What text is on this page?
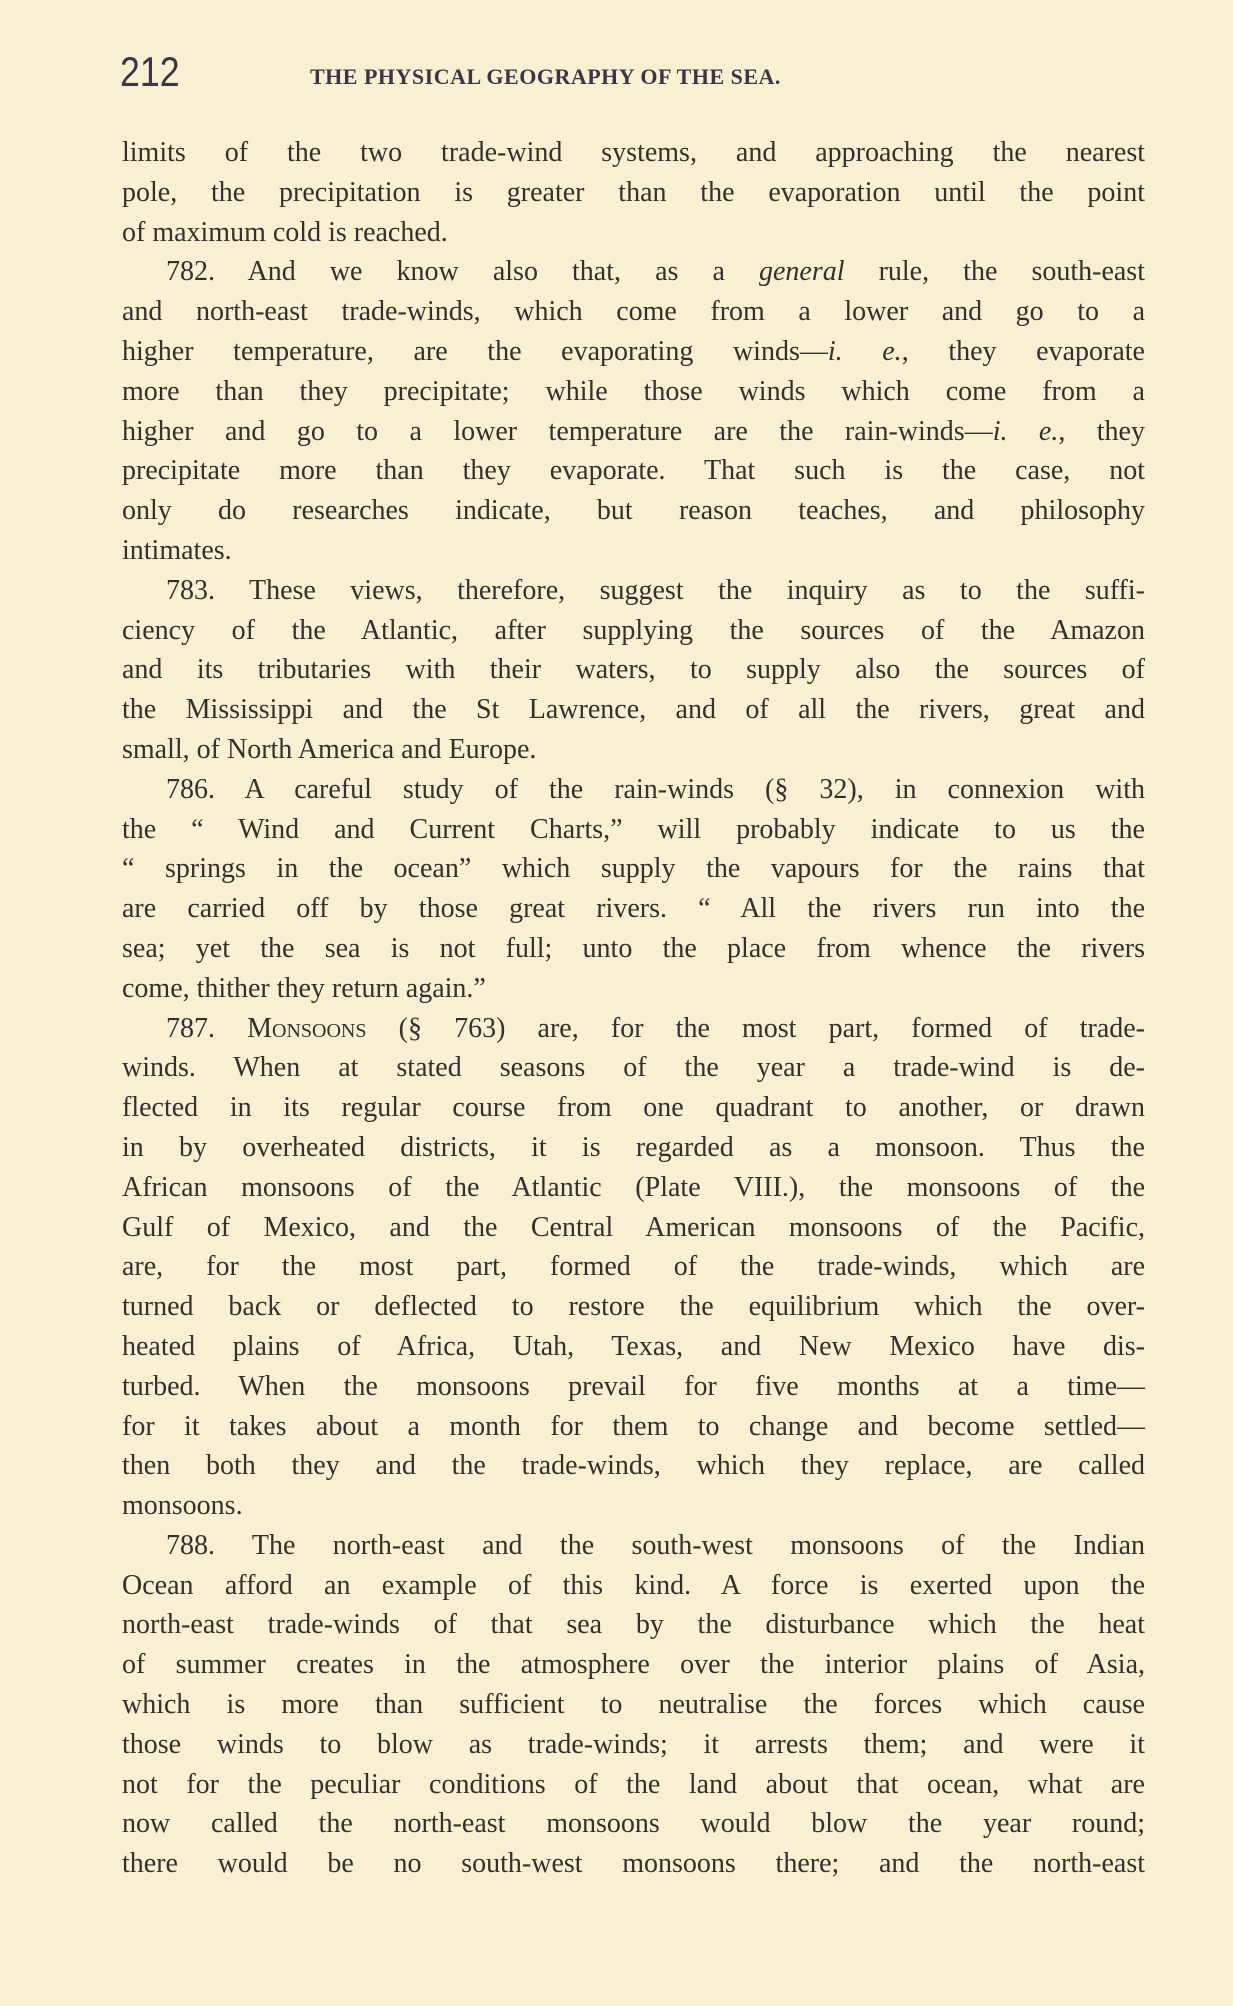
212	THE PHYSICAL GEOGRAPHY OF THE SEA.
limits of the two trade-wind systems, and approaching the nearest
pole, the precipitation is greater than the evaporation until the point
of maximum cold is reached.
782. And we know also that, as a general rule, the south-east
and north-east trade-winds, which come from a lower and go to a
higher temperature, are the evaporating winds—i. e., they evaporate
more than they precipitate; while those winds which come from a
higher and go to a lower temperature are the rain-winds—i. e., they
precipitate more than they evaporate. That such is the case, not
only do researches indicate, but reason teaches, and philosophy
intimates.
783. These views, therefore, suggest the inquiry as to the suffi-
ciency of the Atlantic, after supplying the sources of the Amazon
and its tributaries with their waters, to supply also the sources of
the Mississippi and the St Lawrence, and of all the rivers, great and
small, of North America and Europe.
786. A careful study of the rain-winds (§ 32), in connexion with
the “ Wind and Current Charts,” will probably indicate to us the
“ springs in the ocean” which supply the vapours for the rains that
are carried off by those great rivers. “ All the rivers run into the
sea; yet the sea is not full; unto the place from whence the rivers
come, thither they return again.”
787. Monsoons (§ 763) are, for the most part, formed of trade-
winds. When at stated seasons of the year a trade-wind is de-
flected in its regular course from one quadrant to another, or drawn
in by overheated districts, it is regarded as a monsoon. Thus the
African monsoons of the Atlantic (Plate VIII.), the monsoons of the
Gulf of Mexico, and the Central American monsoons of the Pacific,
are, for the most part, formed of the trade-winds, which are
turned back or deflected to restore the equilibrium which the over-
heated plains of Africa, Utah, Texas, and New Mexico have dis-
turbed. When the monsoons prevail for five months at a time—
for it takes about a month for them to change and become settled—
then both they and the trade-winds, which they replace, are called
monsoons.
788. The north-east and the south-west monsoons of the Indian
Ocean afford an example of this kind. A force is exerted upon the
north-east trade-winds of that sea by the disturbance which the heat
of summer creates in the atmosphere over the interior plains of Asia,
which is more than sufficient to neutralise the forces which cause
those winds to blow as trade-winds; it arrests them; and were it
not for the peculiar conditions of the land about that ocean, what are
now called the north-east monsoons would blow the year round;
there would be no south-west monsoons there; and the north-east
